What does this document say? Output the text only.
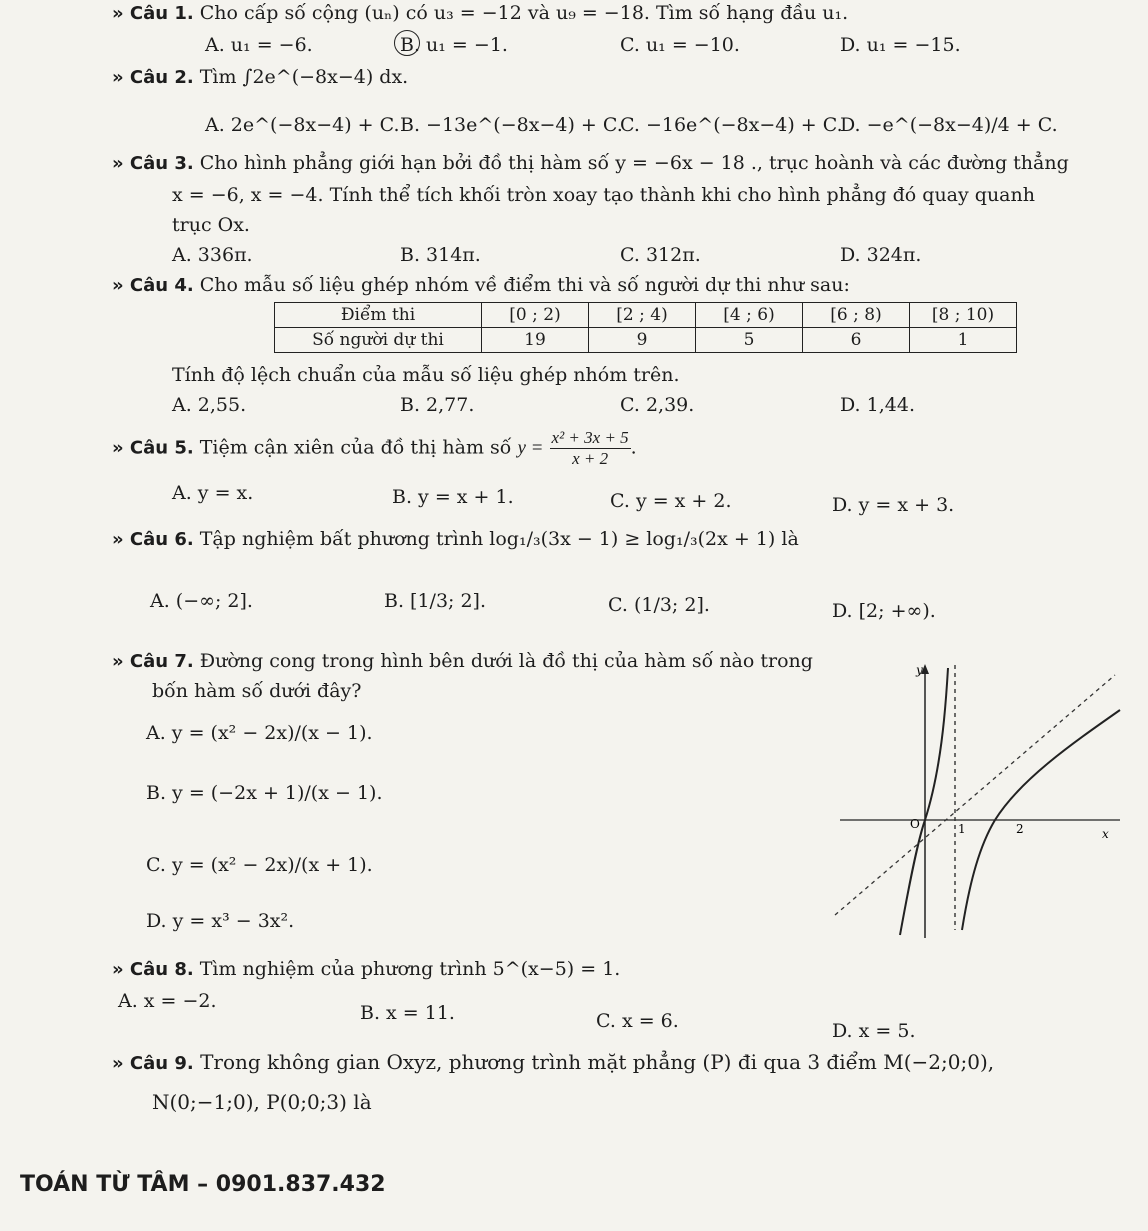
» Câu 1. Cho cấp số cộng (uₙ) có u₃ = −12 và u₉ = −18. Tìm số hạng đầu u₁.
A. u₁ = −6.	B. u₁ = −1.	C. u₁ = −10.	D. u₁ = −15.
» Câu 2. Tìm ∫2e^(−8x−4) dx.
A. 2e^(−8x−4) + C. B. −13e^(−8x−4) + C.
C. −16e^(−8x−4) + C.
D. −e^(−8x−4)/4 + C.
» Câu 3. Cho hình phẳng giới hạn bởi đồ thị hàm số y = −6x − 18 ., trục hoành và các đường thẳng
x = −6, x = −4. Tính thể tích khối tròn xoay tạo thành khi cho hình phẳng đó quay quanh
trục Ox.
A. 336π.	B. 314π.	C. 312π.	D. 324π.
» Câu 4. Cho mẫu số liệu ghép nhóm về điểm thi và số người dự thi như sau:
Điểm thi	[0 ; 2)	[2 ; 4)	[4 ; 6)	[6 ; 8)	[8 ; 10)
Số người dự thi	19	9	5	6	1
Tính độ lệch chuẩn của mẫu số liệu ghép nhóm trên.
A. 2,55.	B. 2,77.	C. 2,39.	D. 1,44.
» Câu 5. Tiệm cận xiên của đồ thị hàm số $y = \frac{\text{x² + 3x + 5}}{x + 2}$ .
A. y = x.	B. y = x + 1.	C. y = x + 2.	D. y = x + 3.
» Câu 6. Tập nghiệm bất phương trình log₁/₃(3x − 1) ≥ log₁/₃(2x + 1) là
A. (−∞; 2].	B. [1/3; 2].	C. (1/3; 2].	D. [2; +∞).
» Câu 7. Đường cong trong hình bên dưới là đồ thị của hàm số nào trong
bốn hàm số dưới đây?
A. y = (x² − 2x)/(x − 1).
B. y = (−2x + 1)/(x − 1).
C. y = (x² − 2x)/(x + 1).
D. y = x³ − 3x².
y
x
O	1	2
» Câu 8. Tìm nghiệm của phương trình 5^(x−5) = 1.
A. x = −2.
B. x = 11.	C. x = 6.	D. x = 5.
» Câu 9. Trong không gian Oxyz, phương trình mặt phẳng (P) đi qua 3 điểm M(−2;0;0),
N(0;−1;0), P(0;0;3) là
TOÁN TỪ TÂM – 0901.837.432
